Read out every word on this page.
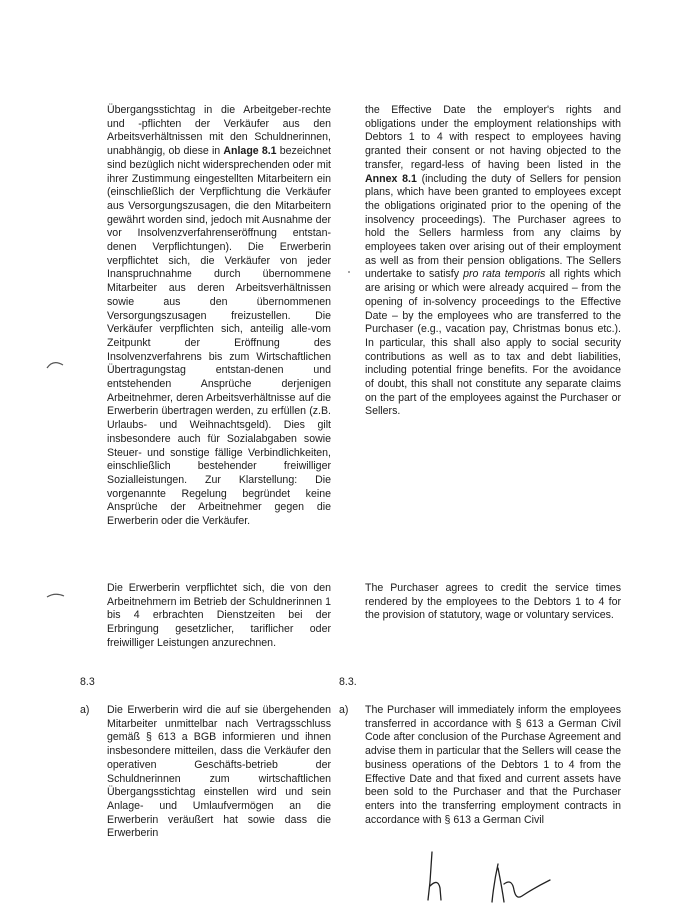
Übergangsstichtag in die Arbeitgeber-rechte und -pflichten der Verkäufer aus den Arbeitsverhältnissen mit den Schuldnerinnen, unabhängig, ob diese in Anlage 8.1 bezeichnet sind bezüglich nicht widersprechenden oder mit ihrer Zustimmung eingestellten Mitarbeitern ein (einschließlich der Verpflichtung die Verkäufer aus Versorgungszusagen, die den Mitarbeitern gewährt worden sind, jedoch mit Ausnahme der vor Insolvenzverfahrenseröffnung entstan-denen Verpflichtungen). Die Erwerberin verpflichtet sich, die Verkäufer von jeder Inanspruchnahme durch übernommene Mitarbeiter aus deren Arbeitsverhältnissen sowie aus den übernommenen Versorgungszusagen freizustellen. Die Verkäufer verpflichten sich, anteilig alle-vom Zeitpunkt der Eröffnung des Insolvenzverfahrens bis zum Wirtschaftlichen Übertragungstag entstan-denen und entstehenden Ansprüche derjenigen Arbeitnehmer, deren Arbeitsverhältnisse auf die Erwerberin übertragen werden, zu erfüllen (z.B. Urlaubs- und Weihnachtsgeld). Dies gilt insbesondere auch für Sozialabgaben sowie Steuer- und sonstige fällige Verbindlichkeiten, einschließlich bestehender freiwilliger Sozialleistungen. Zur Klarstellung: Die vorgenannte Regelung begründet keine Ansprüche der Arbeitnehmer gegen die Erwerberin oder die Verkäufer.

the Effective Date the employer's rights and obligations under the employment relationships with Debtors 1 to 4 with respect to employees having granted their consent or not having objected to the transfer, regard-less of having been listed in the Annex 8.1 (including the duty of Sellers for pension plans, which have been granted to employees except the obligations originated prior to the opening of the insolvency proceedings). The Purchaser agrees to hold the Sellers harmless from any claims by employees taken over arising out of their employment as well as from their pension obligations. The Sellers undertake to satisfy pro rata temporis all rights which are arising or which were already acquired – from the opening of in-solvency proceedings to the Effective Date – by the employees who are transferred to the Purchaser (e.g., vacation pay, Christmas bonus etc.). In particular, this shall also apply to social security contributions as well as to tax and debt liabilities, including potential fringe benefits. For the avoidance of doubt, this shall not constitute any separate claims on the part of the employees against the Purchaser or Sellers.

Die Erwerberin verpflichtet sich, die von den Arbeitnehmern im Betrieb der Schuldnerinnen 1 bis 4 erbrachten Dienstzeiten bei der Erbringung gesetzlicher, tariflicher oder freiwilliger Leistungen anzurechnen.

The Purchaser agrees to credit the service times rendered by the employees to the Debtors 1 to 4 for the provision of statutory, wage or voluntary services.

8.3	8.3.
a)	a)

Die Erwerberin wird die auf sie übergehenden Mitarbeiter unmittelbar nach Vertragsschluss gemäß § 613 a BGB informieren und ihnen insbesondere mitteilen, dass die Verkäufer den operativen Geschäfts-betrieb der Schuldnerinnen zum wirtschaftlichen Übergangsstichtag einstellen wird und sein Anlage- und Umlaufvermögen an die Erwerberin veräußert hat sowie dass die Erwerberin

The Purchaser will immediately inform the employees transferred in accordance with § 613 a German Civil Code after conclusion of the Purchase Agreement and advise them in particular that the Sellers will cease the business operations of the Debtors 1 to 4 from the Effective Date and that fixed and current assets have been sold to the Purchaser and that the Purchaser enters into the transferring employment contracts in accordance with § 613 a German Civil
